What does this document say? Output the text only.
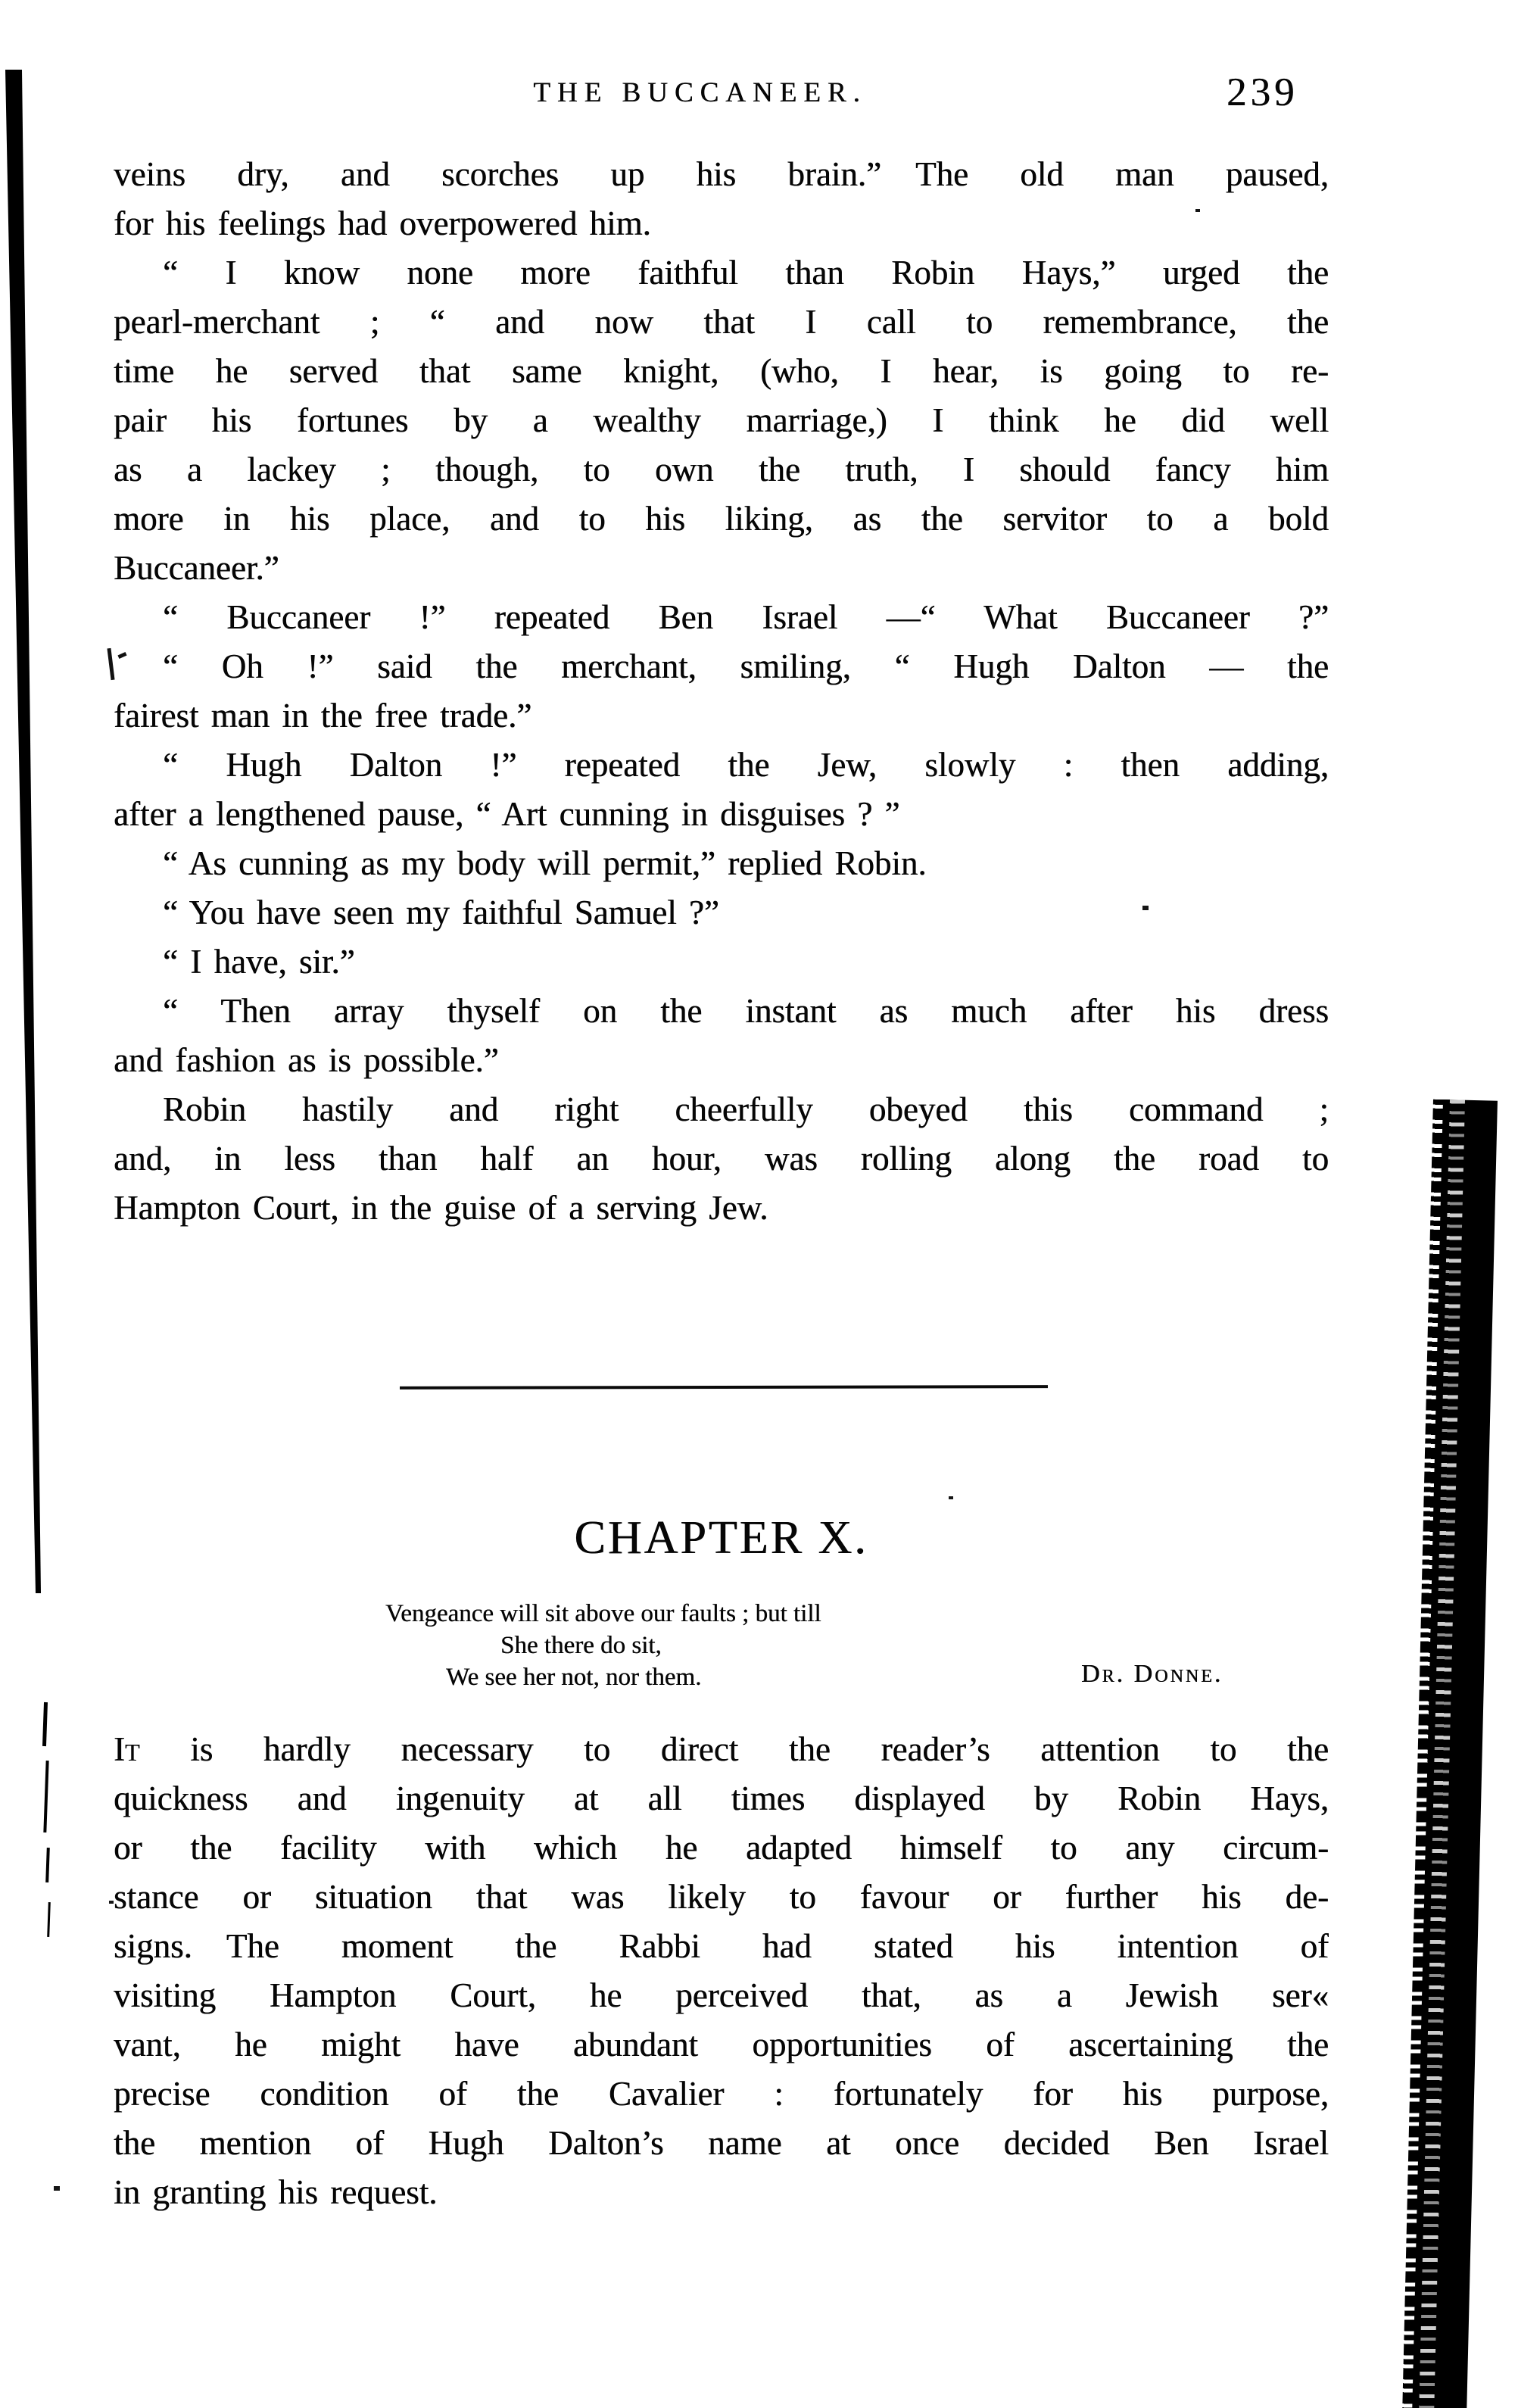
THE BUCCANEER.	239
veins dry, and scorches up his brain.” The old man paused,
for his feelings had overpowered him.
“ I know none more faithful than Robin Hays,” urged the
pearl-merchant ; “ and now that I call to remembrance, the
time he served that same knight, (who, I hear, is going to re-
pair his fortunes by a wealthy marriage,) I think he did well
as a lackey ; though, to own the truth, I should fancy him
more in his place, and to his liking, as the servitor to a bold
Buccaneer.”
“ Buccaneer !” repeated Ben Israel —“ What Buccaneer ?”
“ Oh !” said the merchant, smiling, “ Hugh Dalton — the
fairest man in the free trade.”
“ Hugh Dalton !” repeated the Jew, slowly : then adding,
after a lengthened pause, “ Art cunning in disguises ? ”
“ As cunning as my body will permit,” replied Robin.
“ You have seen my faithful Samuel ?”
“ I have, sir.”
“ Then array thyself on the instant as much after his dress
and fashion as is possible.”
Robin hastily and right cheerfully obeyed this command ;
and, in less than half an hour, was rolling along the road to
Hampton Court, in the guise of a serving Jew.
CHAPTER X.
Vengeance will sit above our faults ; but till
She there do sit,
We see her not, nor them.	Dr. Donne.
It is hardly necessary to direct the reader’s attention to the
quickness and ingenuity at all times displayed by Robin Hays,
or the facility with which he adapted himself to any circum-
stance or situation that was likely to favour or further his de-
signs. The moment the Rabbi had stated his intention of
visiting Hampton Court, he perceived that, as a Jewish ser«
vant, he might have abundant opportunities of ascertaining the
precise condition of the Cavalier : fortunately for his purpose,
the mention of Hugh Dalton’s name at once decided Ben Israel
in granting his request.
